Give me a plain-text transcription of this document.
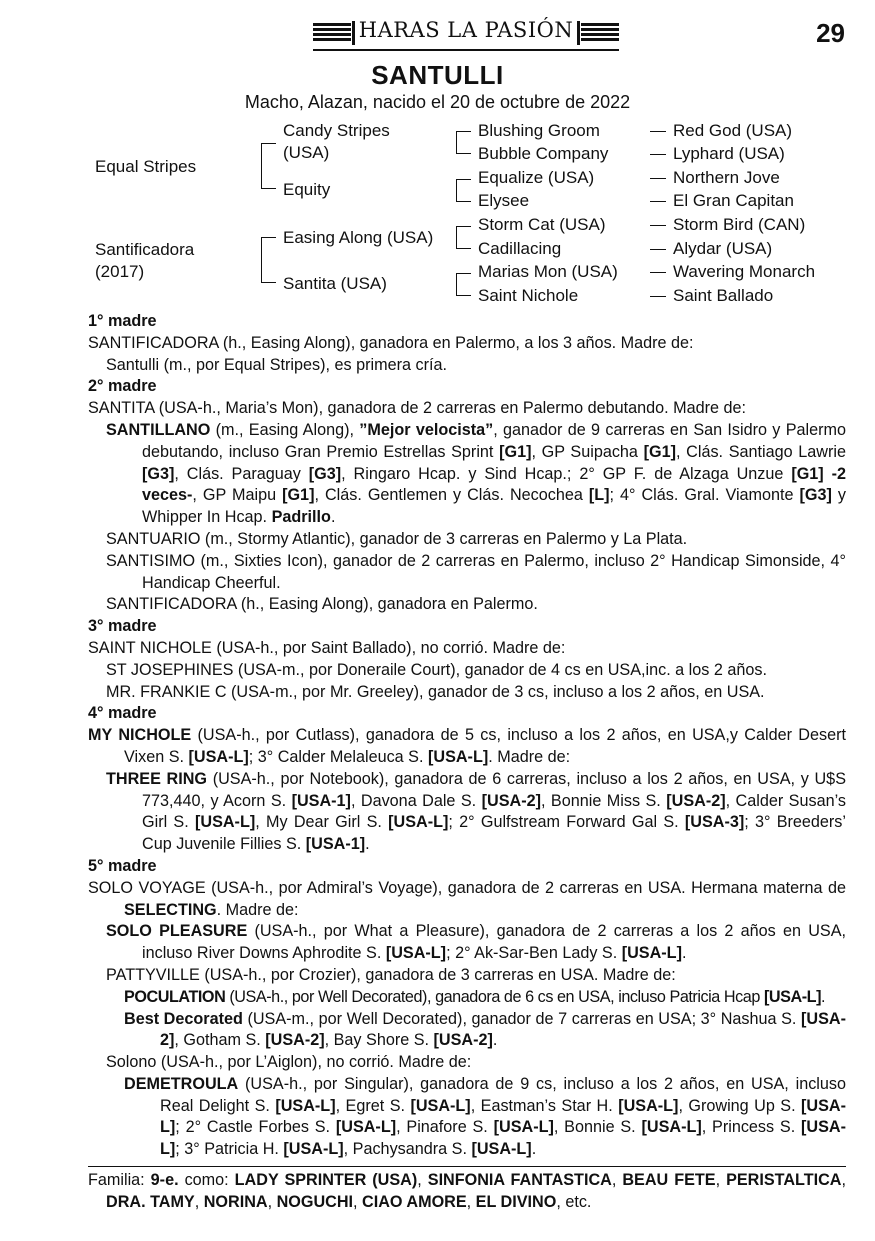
HARAS LA PASIÓN	29
SANTULLI
Macho, Alazan, nacido el 20 de octubre de 2022
Equal Stripes
Santificadora
(2017)
Candy Stripes
(USA)
Equity
Easing Along (USA)
Santita (USA)
Blushing Groom
Bubble Company
Equalize (USA)
Elysee
Storm Cat (USA)
Cadillacing
Marias Mon (USA)
Saint Nichole
Red God (USA)
Lyphard (USA)
Northern Jove
El Gran Capitan
Storm Bird (CAN)
Alydar (USA)
Wavering Monarch
Saint Ballado

1° madre

SANTIFICADORA (h., Easing Along), ganadora en Palermo, a los 3 años. Madre de:

Santulli (m., por Equal Stripes), es primera cría.

2° madre

SANTITA (USA-h., Maria’s Mon), ganadora de 2 carreras en Palermo debutando. Madre de:

SANTILLANO (m., Easing Along), ”Mejor velocista”, ganador de 9 carreras en San Isidro y Palermo debutando, incluso Gran Premio Estrellas Sprint [G1], GP Suipacha [G1], Clás. Santiago Lawrie [G3], Clás. Paraguay [G3], Ringaro Hcap. y Sind Hcap.; 2° GP F. de Alzaga Unzue [G1] -2 veces-, GP Maipu [G1], Clás. Gentlemen y Clás. Necochea [L]; 4° Clás. Gral. Viamonte [G3] y Whipper In Hcap. Padrillo.

SANTUARIO (m., Stormy Atlantic), ganador de 3 carreras en Palermo y La Plata.

SANTISIMO (m., Sixties Icon), ganador de 2 carreras en Palermo, incluso 2° Handicap Simonside, 4° Handicap Cheerful.

SANTIFICADORA (h., Easing Along), ganadora en Palermo.

3° madre

SAINT NICHOLE (USA-h., por Saint Ballado), no corrió. Madre de:

ST JOSEPHINES (USA-m., por Doneraile Court), ganador de 4 cs en USA,inc. a los 2 años.

MR. FRANKIE C (USA-m., por Mr. Greeley), ganador de 3 cs, incluso a los 2 años, en USA.

4° madre

MY NICHOLE (USA-h., por Cutlass), ganadora de 5 cs, incluso a los 2 años, en USA,y Calder Desert Vixen S. [USA-L]; 3° Calder Melaleuca S. [USA-L]. Madre de:

THREE RING (USA-h., por Notebook), ganadora de 6 carreras, incluso a los 2 años, en USA, y U$S 773,440, y Acorn S. [USA-1], Davona Dale S. [USA-2], Bonnie Miss S. [USA-2], Calder Susan’s Girl S. [USA-L], My Dear Girl S. [USA-L]; 2° Gulfstream Forward Gal S. [USA-3]; 3° Breeders’ Cup Juvenile Fillies S. [USA-1].

5° madre

SOLO VOYAGE (USA-h., por Admiral’s Voyage), ganadora de 2 carreras en USA. Hermana materna de SELECTING. Madre de:

SOLO PLEASURE (USA-h., por What a Pleasure), ganadora de 2 carreras a los 2 años en USA, incluso River Downs Aphrodite S. [USA-L]; 2° Ak-Sar-Ben Lady S. [USA-L].

PATTYVILLE (USA-h., por Crozier), ganadora de 3 carreras en USA. Madre de:

POCULATION (USA-h., por Well Decorated), ganadora de 6 cs en USA, incluso Patricia Hcap [USA-L].

Best Decorated (USA-m., por Well Decorated), ganador de 7 carreras en USA; 3° Nashua S. [USA-2], Gotham S. [USA-2], Bay Shore S. [USA-2].

Solono (USA-h., por L’Aiglon), no corrió. Madre de:

DEMETROULA (USA-h., por Singular), ganadora de 9 cs, incluso a los 2 años, en USA, incluso Real Delight S. [USA-L], Egret S. [USA-L], Eastman’s Star H. [USA-L], Growing Up S. [USA-L]; 2° Castle Forbes S. [USA-L], Pinafore S. [USA-L], Bonnie S. [USA-L], Princess S. [USA-L]; 3° Patricia H. [USA-L], Pachysandra S. [USA-L].

Familia: 9-e. como: LADY SPRINTER (USA), SINFONIA FANTASTICA, BEAU FETE, PERISTALTICA, DRA. TAMY, NORINA, NOGUCHI, CIAO AMORE, EL DIVINO, etc.
